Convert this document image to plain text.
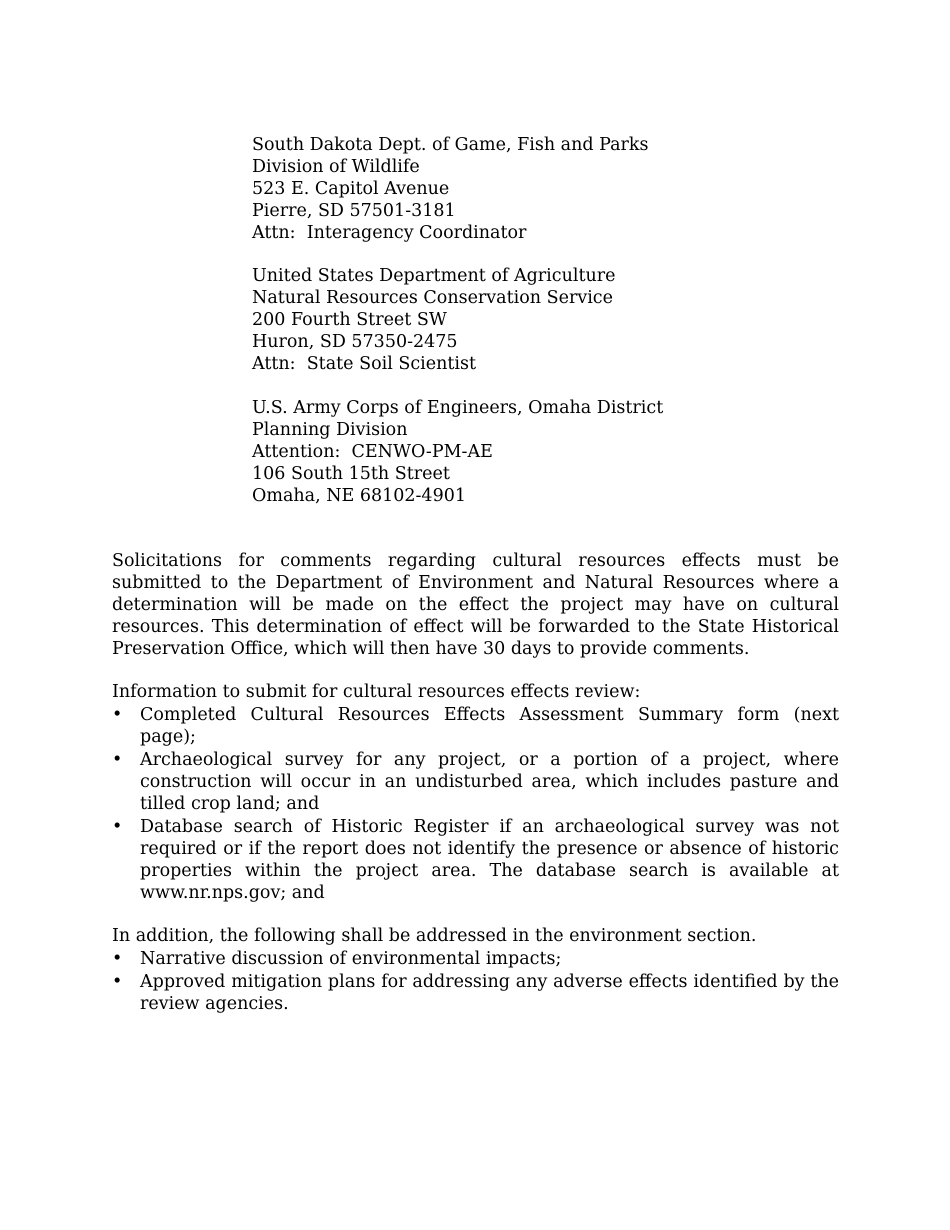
South Dakota Dept. of Game, Fish and Parks
Division of Wildlife
523 E. Capitol Avenue
Pierre, SD 57501-3181
Attn:  Interagency Coordinator
United States Department of Agriculture
Natural Resources Conservation Service
200 Fourth Street SW
Huron, SD 57350-2475
Attn:  State Soil Scientist
U.S. Army Corps of Engineers, Omaha District
Planning Division
Attention:  CENWO-PM-AE
106 South 15th Street
Omaha, NE 68102-4901

Solicitations for comments regarding cultural resources effects must be submitted to the Department of Environment and Natural Resources where a determination will be made on the effect the project may have on cultural resources. This determination of effect will be forwarded to the State Historical Preservation Office, which will then have 30 days to provide comments.

Information to submit for cultural resources effects review:

• Completed Cultural Resources Effects Assessment Summary form (next page);
• Archaeological survey for any project, or a portion of a project, where construction will occur in an undisturbed area, which includes pasture and tilled crop land; and
• Database search of Historic Register if an archaeological survey was not required or if the report does not identify the presence or absence of historic properties within the project area. The database search is available at www.nr.nps.gov; and

In addition, the following shall be addressed in the environment section.

• Narrative discussion of environmental impacts;
• Approved mitigation plans for addressing any adverse effects identified by the review agencies.
